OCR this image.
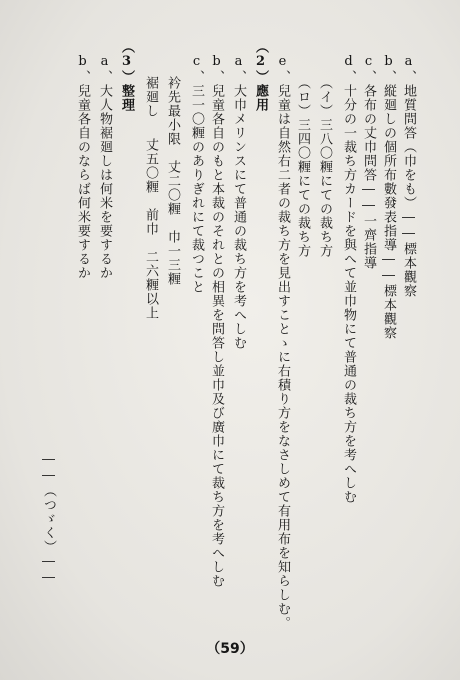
a、地質問答（巾をも）――標本觀察
b、縦廻しの個所布數發表指導――標本觀察
c、各布の丈巾問答――一齊指導
d、十分の一裁ち方カードを與へて並巾物にて普通の裁ち方を考へしむ
（イ）三八〇糎にての裁ち方
（ロ）三四〇糎にての裁ち方
e、兒童は自然右二者の裁ち方を見出すことゝに右積り方をなさしめて有用布を知らしむ。
（2）應用
a、大巾メリンスにて普通の裁ち方を考へしむ
b、兒童各自のもと本裁のそれとの相異を問答し並巾及び廣巾にて裁ち方を考へしむ
c、三一〇糎のありぎれにて裁つこと
衿先最小限　丈二〇糎　巾一三糎
丈五〇糎　前巾　二六糎以上
裾廻し
（3）整理
a、大人物裾廻しは何米を要するか
b、兒童各自のならば何米要するか
――（つゞく）――
（59）
